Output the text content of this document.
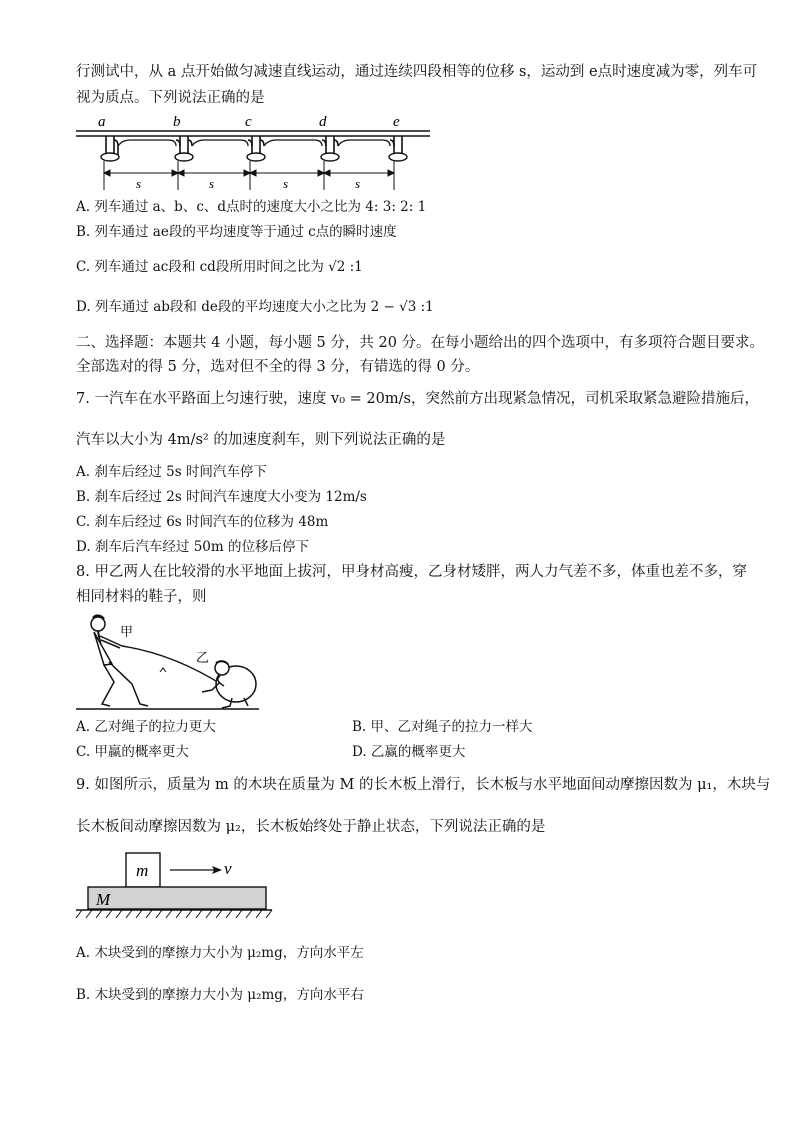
行测试中，从 a 点开始做匀减速直线运动，通过连续四段相等的位移 s，运动到 e点时速度减为零，列车可
视为质点。下列说法正确的是
a	b	c	d	e
s	s	s	s
A. 列车通过 a、b、c、d点时的速度大小之比为 4: 3: 2: 1
B. 列车通过 ae段的平均速度等于通过 c点的瞬时速度
C. 列车通过 ac段和 cd段所用时间之比为 √2 :1
D. 列车通过 ab段和 de段的平均速度大小之比为 2 − √3 :1
二、选择题：本题共 4 小题，每小题 5 分，共 20 分。在每小题给出的四个选项中，有多项符合题目要求。
全部选对的得 5 分，选对但不全的得 3 分，有错选的得 0 分。
7. 一汽车在水平路面上匀速行驶，速度 v₀ = 20m/s，突然前方出现紧急情况，司机采取紧急避险措施后，
汽车以大小为 4m/s² 的加速度刹车，则下列说法正确的是
A. 刹车后经过 5s 时间汽车停下
B. 刹车后经过 2s 时间汽车速度大小变为 12m/s
C. 刹车后经过 6s 时间汽车的位移为 48m
D. 刹车后汽车经过 50m 的位移后停下
8. 甲乙两人在比较滑的水平地面上拔河，甲身材高瘦，乙身材矮胖，两人力气差不多，体重也差不多，穿
相同材料的鞋子，则
甲
乙
A. 乙对绳子的拉力更大	B. 甲、乙对绳子的拉力一样大
C. 甲赢的概率更大	D. 乙赢的概率更大
9. 如图所示，质量为 m 的木块在质量为 M 的长木板上滑行，长木板与水平地面间动摩擦因数为 μ₁，木块与
长木板间动摩擦因数为 μ₂，长木板始终处于静止状态，下列说法正确的是
m	v
M
A. 木块受到的摩擦力大小为 μ₂mg，方向水平左
B. 木块受到的摩擦力大小为 μ₂mg，方向水平右
